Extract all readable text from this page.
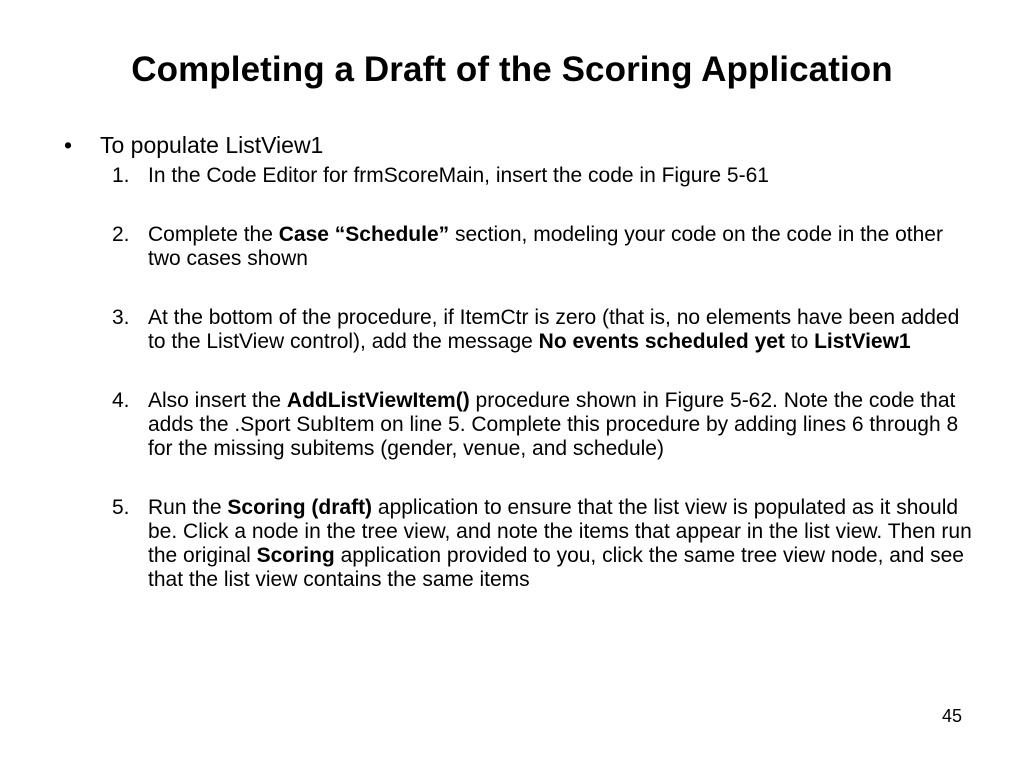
Completing a Draft of the Scoring Application
• To populate ListView1
1. In the Code Editor for frmScoreMain, insert the code in Figure 5-61
2. Complete the Case “Schedule” section, modeling your code on the code in the other two cases shown
3. At the bottom of the procedure, if ItemCtr is zero (that is, no elements have been added to the ListView control), add the message No events scheduled yet to ListView1
4. Also insert the AddListViewItem() procedure shown in Figure 5-62. Note the code that adds the .Sport SubItem on line 5. Complete this procedure by adding lines 6 through 8 for the missing subitems (gender, venue, and schedule)
5. Run the Scoring (draft) application to ensure that the list view is populated as it should be. Click a node in the tree view, and note the items that appear in the list view. Then run the original Scoring application provided to you, click the same tree view node, and see that the list view contains the same items
45
